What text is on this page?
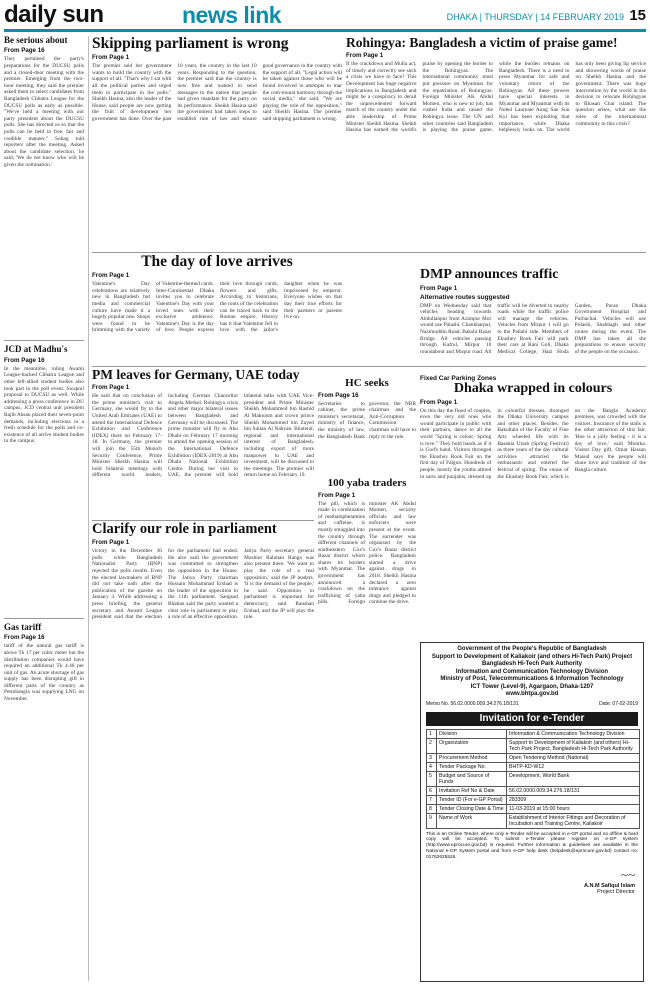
daily sun	news link	DHAKA | THURSDAY | 14 FEBRUARY 2019 15
Be serious about
From Page 16
They pertained the party's preparations for the DUCSU polls and a closed-door meeting with the premier. Emerging from the two-hour meeting, they said the premier asked them to select candidates from Bangladesh Chhatra League for the DUCSU polls as early as possible. "We've held a meeting with our party president about the DUCSU polls. She has directed us so that the polls can be held in free, fair and credible manner," Sohag told reporters after the meeting. Asked about the candidate selection, he said, 'We do not know who will be given the nomination.'
JCD at Madhu's
From Page 16
In the meantime, ruling Awami League-backed Chhatra League and other left-allied student bodies also took part in the poll event. Swapnil proposal to DUCSU as well. While addressing a press conference in DU campus, JCD central unit president Rajib Ahsan placed their seven-point demands, including elections in a fresh schedule for the polls and co-existence of all active student bodies in the campus.
Gas tariff
From Page 16
tariff of the natural gas tariff is above Tk 17 per cubic meter but the distribution companies would have required an additional Tk 4.46 per unit of gas. An acute shortage of gas supply has been disrupting gift in different parts of the country as Petrobangla was supplying LNG on November.
Skipping parliament is wrong
From Page 1
The premier said her government wants to build the country with the support of all. "That's why I sat with all the political parties and urged them to participate in the polls." Sheikh Hasina, also the leader of the House, said people are now getting the fruit of development her government has done. Over the past 10 years, the country in the last 10 years. Responding to the question, the premier said that the country is now free and wanted to send messages to the nation that people had given mandate for the party on its performance. Sheikh Hasina said the government had taken steps to establish rule of law and ensure good governance in the country with the support of all. "Legal action will be taken against those who will be found involved in attempts to mar the com-munal harmony through the social media," she said. "We are playing the role of the opposition," said Sheikh Hasina. The premier said skipping parliament is wrong.
Rohingya: Bangladesh a victim of praise game!
From Page 1
If the crackdown and Mulla act, of timely and correctly see such a crisis we have to face? This Development has huge negative implications in Bangladesh and might be a conspiracy to derail the unprecedented forward march of the country under the able leadership of Prime Minister Sheikh Hasina. Sheikh Hasina has earned the world's praise by opening the border to the Rohingyas. The international community must put pressure on Myanmar for the repatriation of Rohingyas. Foreign Minister AK Abdul Momen, who is new to job, has visited India and raised the Rohingya issue. The UN and other countries said Bangladesh is playing the praise game, while the burden remains on Bangladesh. There is a need to press Myanmar for safe and voluntary return of the Rohingyas. All these powers have special interests in Myanmar and Myanmar with its Nobel Laureate Aung San Suu Kyi has been exploiting that importance, while Dhaka helplessly looks on. The world has only been giving lip service and showering words of praise on Sheikh Hasina and the government. There was huge intervention by the world in the decision to relocate Rohingyas to Bhasan Char island. The question arises, what are the roles of the international community in this crisis?
The day of love arrives
From Page 1
Valentine's Day celebrations are relatively new in Bangladesh but media and commercial culture have made it a hugely popular one. Shops were found to be brimming with the variety of Valentine-themed cards. Inter-Continental Dhaka invites you to celebrate Valentine's Day with your loved ones with their exclusive ambience. Valentine's Day is the day of love. People express their love through cards, flowers and gifts. According to historians, the roots of the celebration can be traced back to the Roman empire. History has it that Valentine fell in love with the jailor's daughter when he was imprisoned by emperor. Everyone wishes on that day their true efforts for their partners or parents live on.
DMP announces traffic
From Page 1
Alternative routes suggested
DMP on Wednesday said that vehicles heading towards Abdullahpur from Azimpur Mor would use Palashi, Chankharpul, Nazimuddin Road. Bakshi Bazar Bridge. All vehicles passing through Kafrul, Mirpur 10 roundabout and Mirpur road. All traffic will be diverted to nearby roads while the traffic police will manage the vehicles. Vehicles from Mirpur 1 will go to the Pallabi side. Members of Ekushey Book Fair will park their cars at Rani Goli, Dhaka Medical College, Hazi Hoda Garden, Puran Dhaka Government Hospital and Purbachal. Vehicles will use Polashi, Shahbagh and other routes during the event. The DMP has taken all the preparations to ensure security of the people on the occasion.
Fixed Car Parking Zones
PM leaves for Germany, UAE today
From Page 1
He said that on conclusion of the prime minister's visit to Germany, she would fly to the United Arab Emirates (UAE) to attend the International Defence Exhibition and Conference (IDEX) there on February 17-18. In Germany, the premier will join the 55th Munich Security Conference, Prime Minister Sheikh Hasina will hold bilateral meetings with different world leaders, including German Chancellor Angela Merkel. Rohingya crisis and other major bilateral issues between Bangladesh and Germany will be discussed. The prime minister will fly to Abu Dhabi on February 17 morning to attend the opening session of the International Defence Exhibition (IDEX-2019) at Abu Dhabi National Exhibition Centre. During her visit to UAE, the premier will hold bilateral talks with UAE Vice-president and Prime Minister Sheikh Mohammed bin Rashid Al Maktoum and crown prince Sheikh Mohammed bin Zayed bin Sultan Al Nahyan. Bilateral, regional and international interest of Bangladesh, including export of more manpower to UAE and investment, will be discussed in the meetings. The premier will return home on February 19.
HC seeks
From Page 16
Secretaries to cabinet, the prime minister's secretariat, ministry of finance, the ministry of law, the Bangladesh Bank governor, the NBR chairman and the Anti-Corruption Commission chairman will have to reply to the rule.
100 yaba traders
From Page 1
The pill, which is made in combination of methamphetamine and caffeine, is mostly smuggled into the country through different channels of southeastern Cox's Bazar district which shares its borders with Myanmar. The government has announced a crackdown on the trafficking of yaba pills. Foreign minister AK Abdul Momen, security officials and law enforcers were present at the event. The surrender was organised by the Cox's Bazar district police. Bangladesh started a drive against drugs in 2018. Sheikh Hasina declared a zero tolerance against drugs and pledged to continue the drive.
Dhaka wrapped in colours
From Page 1
On this day the flood of couples, even the very old ones who would participate in public with their partners, dance to all the world "Spring is colour; Spring is love." They hold hands as if it is God's hand. Visitors thronged the Ekushey Book Fair on the first day of Falgun. Hundreds of people, mostly the youths attired in saris and punjabis, dressed up in colourful dresses, thronged the Dhaka University campus and other places. Besides, the Bakultala of the Faculty of Fine Arts wheeled life with its Basanta Utsab (Spring Festival) as three years of the day cultural activities attracted the enthusiastic and entered the festival of spring. The venue of the Ekushey Book Fair, which is on the Bangla Academy premises, was crowded with the visitors. Insurance of the stalls is the other attraction of this fair. 'Hoe is a jolly feeling - it is a day of love,' said Monika. Visitor Day gift, Omar Hassan Masud says the people will share love and tradition of the Bangla culture.
Clarify our role in parliament
From Page 1
victory in the December 30 polls while Bangladesh Nationalist Party (BNP) rejected the polls results. Even the elected lawmakers of BNP did not take oath after the publication of the gazette on January 3. While addressing a press briefing, the general secretary and Awami League president said that the election for the parliament had ended. He also said the government was committed to strengthen the opposition in the House. The Jatiya Party chairman Hussain Muhammad Ershad is the leader of the opposition in the 11th parliament. Sangsad Bhaban said the party wanted a clear role in parliament to play a role of an effective opposition. Jatiya Party secretary general Moshiur Rahman Ranga was also present there. 'We want to play the role of a real opposition,' said the JP leaders. 'It is the demand of the people,' he said. Opposition in parliament is important for democracy, said Raushan Ershad, and the JP will play the role.
Government of the People's Republic of Bangladesh
Support to Development of Kaliakoir (and others Hi-Tech Park) Project
Bangladesh Hi-Tech Park Authority
Information and Communication Technology Division
Ministry of Post, Telecommunications & Information Technology
ICT Tower (Level-9), Agargaon, Dhaka-1207
www.bhtpa.gov.bd
Memo No. 56.02.0000.009.34.276.18/131	Date: 07-02-2019
Invitation for e-Tender
1	Division	Information & Communication Technology Division
2	Organization	Support to Development of Kaliakoir (and others) Hi-Tech Park Project, Bangladesh Hi-Tech Park Authority
3	Procurement Method	Open Tendering Method (National)
4	Tender Package No.	BHTP-KD-W12
5	Budget and Source of Funds	Development, World Bank
6	Invitation Ref No & Date	56.02.0000.009.34.276.18/131
7	Tender ID (For e-GP Portal)	283309
8	Tender Closing Date & Time	11-03-2019 at 15:00 hours
9	Name of Work	Establishment of Interior Fittings and Decoration of Incubation and Training Centre, Kaliakoir
This is an Online Tender, where only e-Tender will be accepted in e-GP portal and no offline & hard copy will be accepted. To submit e-Tender please register on e-GP system (http://www.eprocure.gov.bd) is required. Further information & guidelines are available in the National e-GP System portal and from e-GP help desk (helpdesk@eprocure.gov.bd) contact no: 01762625526.
~~
A.N.M Safiqul Islam
Project Director
